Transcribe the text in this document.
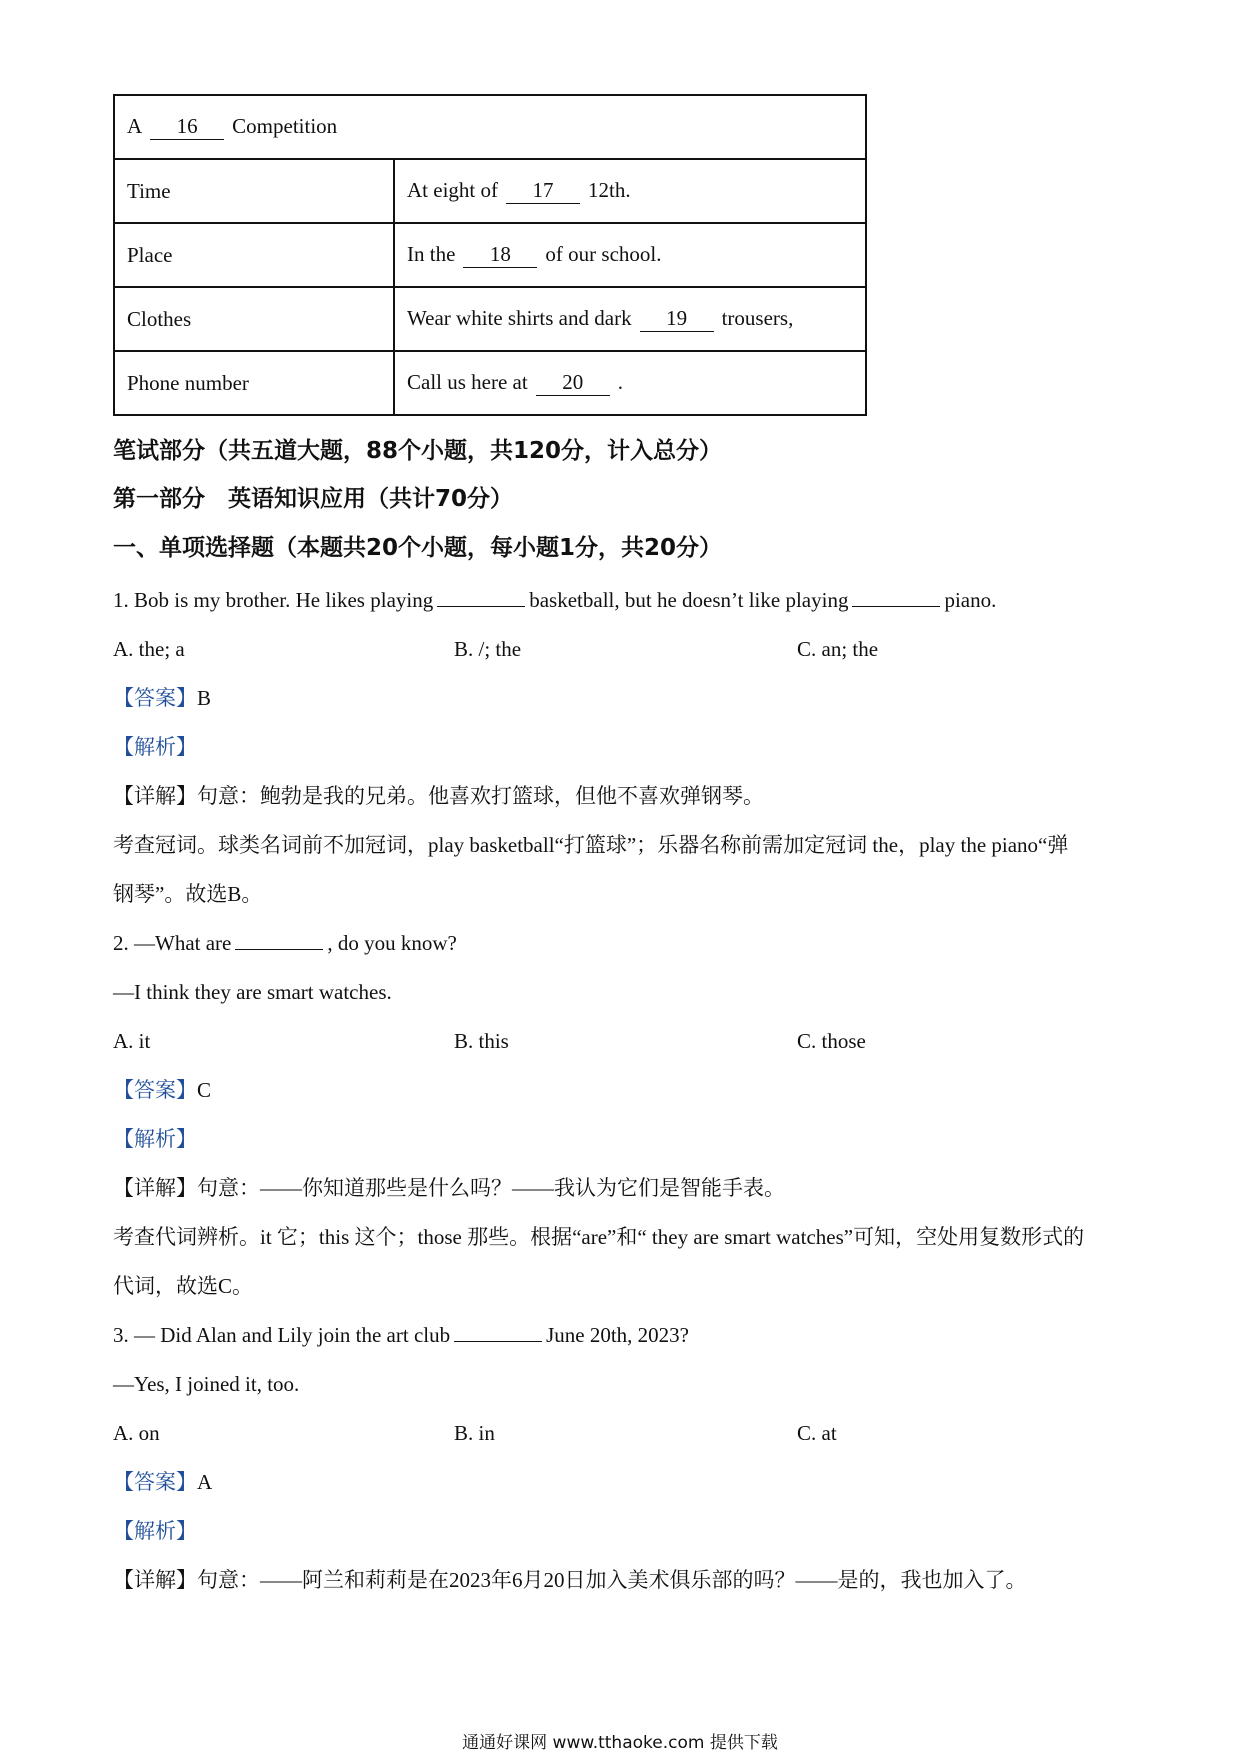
A 16 Competition	
Time	At eight of 17 12th.
Place	In the 18 of our school.
Clothes	Wear white shirts and dark 19 trousers,
Phone number	Call us here at 20 .
笔试部分（共五道大题，88个小题，共120分，计入总分）
第一部分　英语知识应用（共计70分）
一、单项选择题（本题共20个小题，每小题1分，共20分）
1. Bob is my brother. He likes playing	basketball, but he doesn’t like playing	piano.
A. the; a	B. /; the	C. an; the
【答案】B
【解析】
【详解】句意：鲍勃是我的兄弟。他喜欢打篮球，但他不喜欢弹钢琴。
考查冠词。球类名词前不加冠词，play basketball“打篮球”；乐器名称前需加定冠词 the，play the piano“弹
钢琴”。故选B。
2. —What are	, do you know?
—I think they are smart watches.
A. it	B. this	C. those
【答案】C
【解析】
【详解】句意：——你知道那些是什么吗？——我认为它们是智能手表。
考查代词辨析。it 它；this 这个；those 那些。根据“are”和“ they are smart watches”可知，空处用复数形式的
代词，故选C。
3. — Did Alan and Lily join the art club	June 20th, 2023?
—Yes, I joined it, too.
A. on	B. in	C. at
【答案】A
【解析】
【详解】句意：——阿兰和莉莉是在2023年6月20日加入美术俱乐部的吗？——是的，我也加入了。
通通好课网 www.tthaoke.com 提供下载
